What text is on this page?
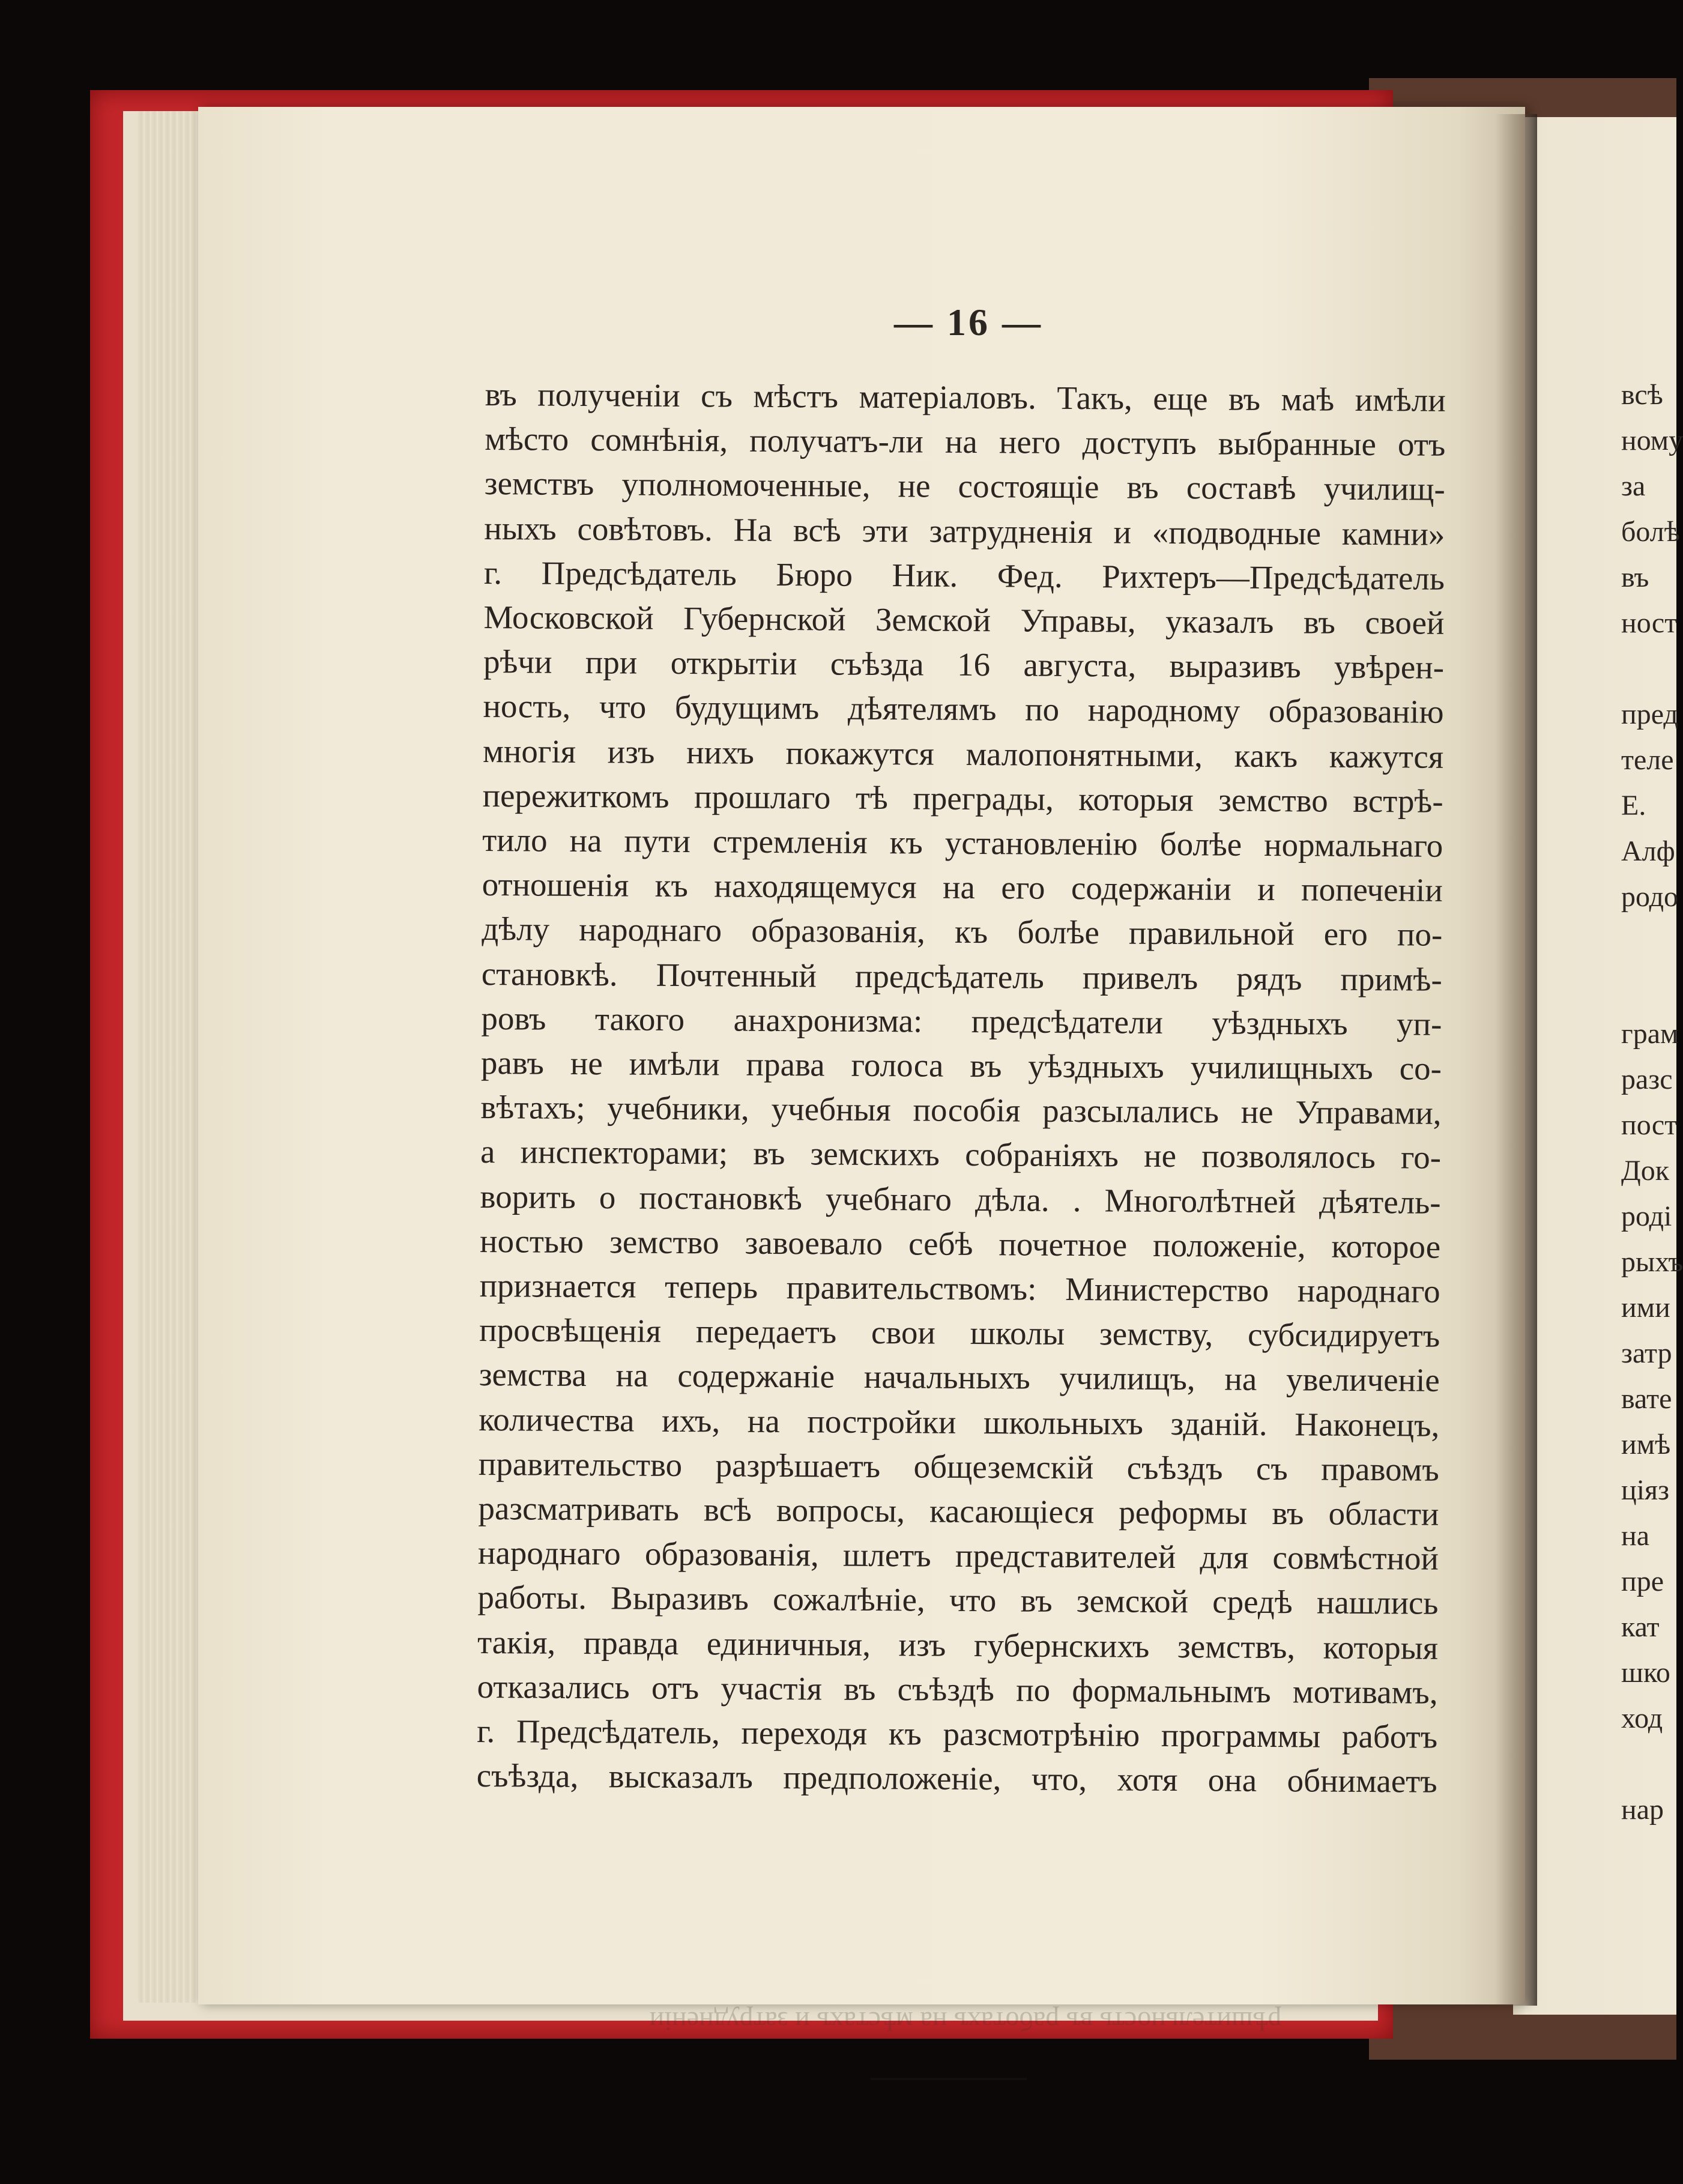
— 16 —
въ полученіи съ мѣстъ матеріаловъ. Такъ, еще въ маѣ имѣли
мѣсто сомнѣнія, получатъ-ли на него доступъ выбранные отъ
земствъ уполномоченные, не состоящіе въ составѣ училищ-
ныхъ совѣтовъ. На всѣ эти затрудненія и «подводные камни»
г. Предсѣдатель Бюро Ник. Фед. Рихтеръ—Предсѣдатель
Московской Губернской Земской Управы, указалъ въ своей
рѣчи при открытіи съѣзда 16 августа, выразивъ увѣрен-
ность, что будущимъ дѣятелямъ по народному образованію
многія изъ нихъ покажутся малопонятными, какъ кажутся
пережиткомъ прошлаго тѣ преграды, которыя земство встрѣ-
тило на пути стремленія къ установленію болѣе нормальнаго
отношенія къ находящемуся на его содержаніи и попеченіи
дѣлу народнаго образованія, къ болѣе правильной его по-
становкѣ. Почтенный предсѣдатель привелъ рядъ примѣ-
ровъ такого анахронизма: предсѣдатели уѣздныхъ уп-
равъ не имѣли права голоса въ уѣздныхъ училищныхъ со-
вѣтахъ; учебники, учебныя пособія разсылались не Управами,
а инспекторами; въ земскихъ собраніяхъ не позволялось го-
ворить о постановкѣ учебнаго дѣла. . Многолѣтней дѣятель-
ностью земство завоевало себѣ почетное положеніе, которое
признается теперь правительствомъ: Министерство народнаго
просвѣщенія передаетъ свои школы земству, субсидируетъ
земства на содержаніе начальныхъ училищъ, на увеличеніе
количества ихъ, на постройки школьныхъ зданій. Наконецъ,
правительство разрѣшаетъ общеземскій съѣздъ съ правомъ
разсматривать всѣ вопросы, касающіеся реформы въ области
народнаго образованія, шлетъ представителей для совмѣстной
работы. Выразивъ сожалѣніе, что въ земской средѣ нашлись
такія, правда единичныя, изъ губернскихъ земствъ, которыя
отказались отъ участія въ съѣздѣ по формальнымъ мотивамъ,
г. Предсѣдатель, переходя къ разсмотрѣнію программы работъ
съѣзда, высказалъ предположеніе, что, хотя она обнимаетъ
рѣшительность въ работахъ на мѣстахъ и затрудненіи
всѣ
ному
за
болѣ
въ
ност
пред
теле
Е.
Алф
родо
грам
разс
пост
Док
роді
рыхъ
ими
затр
вате
имѣ
ціяз
на
пре
кат
шко
ход
нар
